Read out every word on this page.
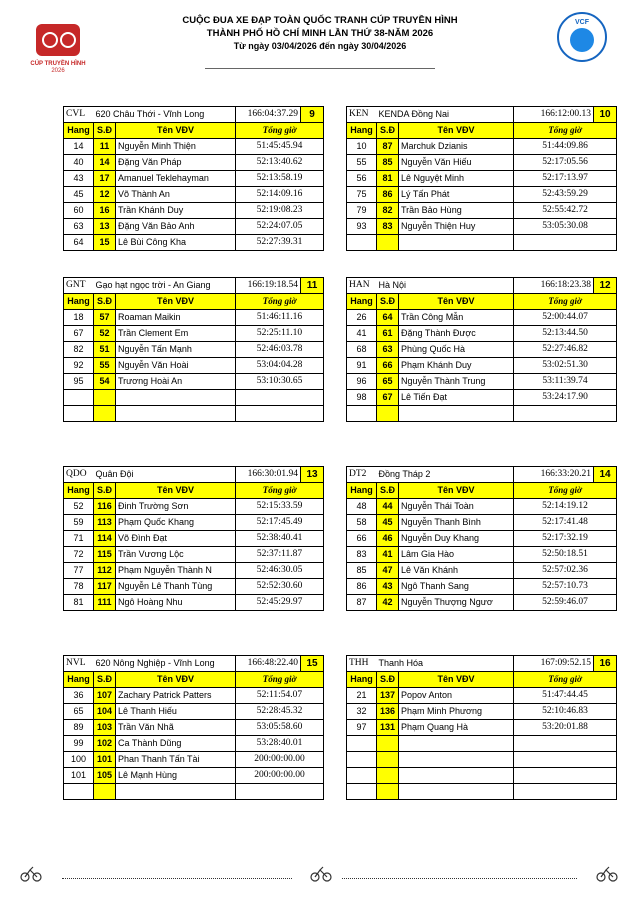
CÚP TRUYỀN HÌNH
2026
VCF
CUỘC ĐUA XE ĐẠP TOÀN QUỐC TRANH CÚP TRUYỀN HÌNH
THÀNH PHỐ HỒ CHÍ MINH LẦN THỨ 38-NĂM 2026
Từ ngày 03/04/2026 đến ngày 30/04/2026
CVL	620 Châu Thới - Vĩnh Long		166:04:37.29 9

Hang	S.Đ	Tên VĐV	Tổng giờ
14	11	Nguyễn Minh Thiện	51:45:45.94
40	14	Đặng Văn Pháp	52:13:40.62
43	17	Amanuel Teklehayman	52:13:58.19
45	12	Võ Thành An	52:14:09.16
60	16	Trần Khánh Duy	52:19:08.23
63	13	Đặng Văn Bảo Anh	52:24:07.05
64	15	Lê Bùi Công Kha	52:27:39.31
KEN	KENDA Đồng Nai		166:12:00.13 10

Hang	S.Đ	Tên VĐV	Tổng giờ
10	87	Marchuk Dzianis	51:44:09.86
55	85	Nguyễn Văn Hiếu	52:17:05.56
56	81	Lê Nguyệt Minh	52:17:13.97
75	86	Lý Tấn Phát	52:43:59.29
79	82	Trần Bảo Hùng	52:55:42.72
93	83	Nguyễn Thiện Huy	53:05:30.08

GNT	Gạo hạt ngọc trời - An Giang		166:19:18.54 11

Hang	S.Đ	Tên VĐV	Tổng giờ
18	57	Roaman Maikin	51:46:11.16
67	52	Trần Clement Em	52:25:11.10
82	51	Nguyễn Tấn Mạnh	52:46:03.78
92	55	Nguyễn Văn Hoài	53:04:04.28
95	54	Trương Hoài An	53:10:30.65

HAN	Hà Nội		166:18:23.38 12

Hang	S.Đ	Tên VĐV	Tổng giờ
26	64	Trần Công Mẫn	52:00:44.07
41	61	Đặng Thành Được	52:13:44.50
68	63	Phùng Quốc Hà	52:27:46.82
91	66	Phạm Khánh Duy	53:02:51.30
96	65	Nguyễn Thành Trung	53:11:39.74
98	67	Lê Tiến Đạt	53:24:17.90

QDO	Quân Đội		166:30:01.94 13

Hang	S.Đ	Tên VĐV	Tổng giờ
52	116	Đinh Trường Sơn	52:15:33.59
59	113	Phạm Quốc Khang	52:17:45.49
71	114	Võ Đình Đạt	52:38:40.41
72	115	Trần Vương Lộc	52:37:11.87
77	112	Phạm Nguyễn Thành N	52:46:30.05
78	117	Nguyễn Lê Thanh Tùng	52:52:30.60
81	111	Ngô Hoàng Nhu	52:45:29.97
DT2	Đồng Tháp 2		166:33:20.21 14

Hang	S.Đ	Tên VĐV	Tổng giờ
48	44	Nguyễn Thái Toàn	52:14:19.12
58	45	Nguyễn Thanh Bình	52:17:41.48
66	46	Nguyễn Duy Khang	52:17:32.19
83	41	Lâm Gia Hào	52:50:18.51
85	47	Lê Văn Khánh	52:57:02.36
86	43	Ngô Thanh Sang	52:57:10.73
87	42	Nguyễn Thượng Ngươ	52:59:46.07
NVL	620 Nông Nghiệp - Vĩnh Long		166:48:22.40 15

Hang	S.Đ	Tên VĐV	Tổng giờ
36	107	Zachary Patrick Patters	52:11:54.07
65	104	Lê Thanh Hiếu	52:28:45.32
89	103	Trần Văn Nhã	53:05:58.60
99	102	Ca Thành Dũng	53:28:40.01
100	101	Phan Thanh Tấn Tài	200:00:00.00
101	105	Lê Mạnh Hùng	200:00:00.00

THH	Thanh Hóa		167:09:52.15 16

Hang	S.Đ	Tên VĐV	Tổng giờ
21	137	Popov Anton	51:47:44.45
32	136	Phạm Minh Phương	52:10:46.83
97	131	Phạm Quang Hà	53:20:01.88
